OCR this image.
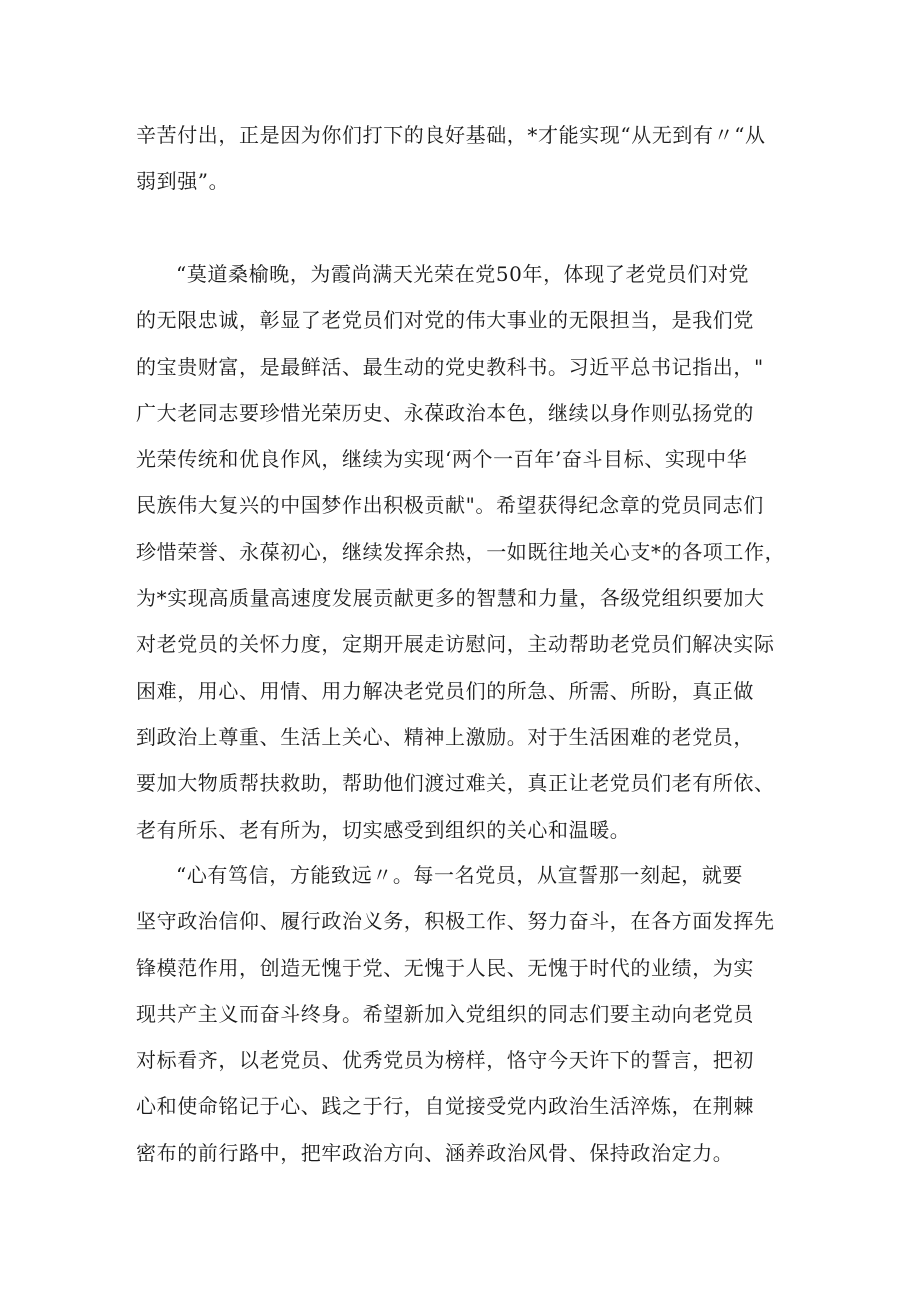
辛苦付出，正是因为你们打下的良好基础，*才能实现“从无到有〃“从
弱到强”。
“莫道桑榆晚，为霞尚满天光荣在党50年，体现了老党员们对党
的无限忠诚，彰显了老党员们对党的伟大事业的无限担当，是我们党
的宝贵财富，是最鲜活、最生动的党史教科书。习近平总书记指出，"
广大老同志要珍惜光荣历史、永葆政治本色，继续以身作则弘扬党的
光荣传统和优良作风，继续为实现‘两个一百年’奋斗目标、实现中华
民族伟大复兴的中国梦作出积极贡献"。希望获得纪念章的党员同志们
珍惜荣誉、永葆初心，继续发挥余热，一如既往地关心支*的各项工作，
为*实现高质量高速度发展贡献更多的智慧和力量，各级党组织要加大
对老党员的关怀力度，定期开展走访慰问，主动帮助老党员们解决实际
困难，用心、用情、用力解决老党员们的所急、所需、所盼，真正做
到政治上尊重、生活上关心、精神上激励。对于生活困难的老党员，
要加大物质帮扶救助，帮助他们渡过难关，真正让老党员们老有所依、
老有所乐、老有所为，切实感受到组织的关心和温暖。
“心有笃信，方能致远〃。每一名党员，从宣誓那一刻起，就要
坚守政治信仰、履行政治义务，积极工作、努力奋斗，在各方面发挥先
锋模范作用，创造无愧于党、无愧于人民、无愧于时代的业绩，为实
现共产主义而奋斗终身。希望新加入党组织的同志们要主动向老党员
对标看齐，以老党员、优秀党员为榜样，恪守今天许下的誓言，把初
心和使命铭记于心、践之于行，自觉接受党内政治生活淬炼，在荆棘
密布的前行路中，把牢政治方向、涵养政治风骨、保持政治定力。
